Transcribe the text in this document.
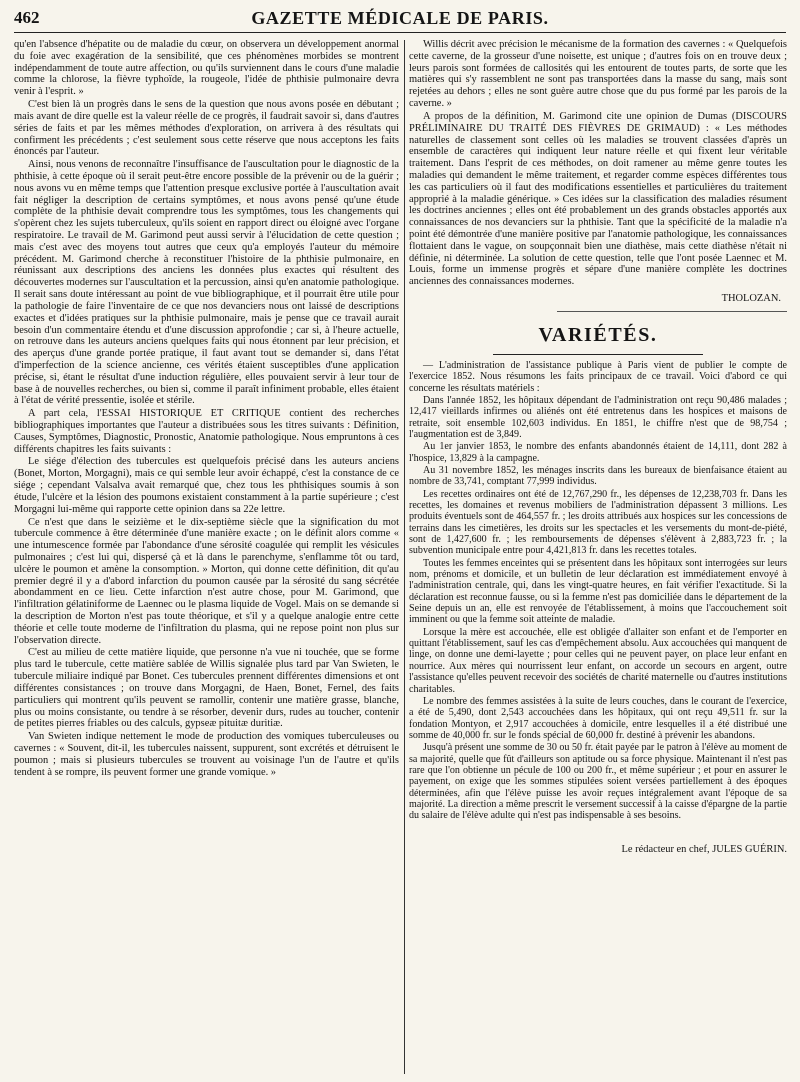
462	GAZETTE MÉDICALE DE PARIS.

qu'en l'absence d'hépatite ou de maladie du cœur, on observera un développement anormal du foie avec exagération de la sensibilité, que ces phénomènes morbides se montrent indépendamment de toute autre affection, ou qu'ils surviennent dans le cours d'une maladie comme la chlorose, la fièvre typhoïde, la rougeole, l'idée de phthisie pulmonaire devra venir à l'esprit. »

C'est bien là un progrès dans le sens de la question que nous avons posée en débutant ; mais avant de dire quelle est la valeur réelle de ce progrès, il faudrait savoir si, dans d'autres séries de faits et par les mêmes méthodes d'exploration, on arrivera à des résultats qui confirment les précédents ; c'est seulement sous cette réserve que nous acceptons les faits énoncés par l'auteur.

Ainsi, nous venons de reconnaître l'insuffisance de l'auscultation pour le diagnostic de la phthisie, à cette époque où il serait peut-être encore possible de la prévenir ou de la guérir ; nous avons vu en même temps que l'attention presque exclusive portée à l'auscultation avait fait négliger la description de certains symptômes, et nous avons pensé qu'une étude complète de la phthisie devait comprendre tous les symptômes, tous les changements qui s'opèrent chez les sujets tuberculeux, qu'ils soient en rapport direct ou éloigné avec l'organe respiratoire. Le travail de M. Garimond peut aussi servir à l'élucidation de cette question ; mais c'est avec des moyens tout autres que ceux qu'a employés l'auteur du mémoire précédent. M. Garimond cherche à reconstituer l'histoire de la phthisie pulmonaire, en réunissant aux descriptions des anciens les données plus exactes qui résultent des découvertes modernes sur l'auscultation et la percussion, ainsi qu'en anatomie pathologique. Il serait sans doute intéressant au point de vue bibliographique, et il pourrait être utile pour la pathologie de faire l'inventaire de ce que nos devanciers nous ont laissé de descriptions exactes et d'idées pratiques sur la phthisie pulmonaire, mais je pense que ce travail aurait besoin d'un commentaire étendu et d'une discussion approfondie ; car si, à l'heure actuelle, on retrouve dans les auteurs anciens quelques faits qui nous étonnent par leur précision, et des aperçus d'une grande portée pratique, il faut avant tout se demander si, dans l'état d'imperfection de la science ancienne, ces vérités étaient susceptibles d'une application précise, si, étant le résultat d'une induction régulière, elles pouvaient servir à leur tour de base à de nouvelles recherches, ou bien si, comme il paraît infiniment probable, elles étaient à l'état de vérité pressentie, isolée et stérile.

A part cela, l'ESSAI HISTORIQUE ET CRITIQUE contient des recherches bibliographiques importantes que l'auteur a distribuées sous les titres suivants : Définition, Causes, Symptômes, Diagnostic, Pronostic, Anatomie pathologique. Nous empruntons à ces différents chapitres les faits suivants :

Le siége d'élection des tubercules est quelquefois précisé dans les auteurs anciens (Bonet, Morton, Morgagni), mais ce qui semble leur avoir échappé, c'est la constance de ce siége ; cependant Valsalva avait remarqué que, chez tous les phthisiques soumis à son étude, l'ulcère et la lésion des poumons existaient constamment à la partie supérieure ; c'est Morgagni lui-même qui rapporte cette opinion dans sa 22e lettre.

Ce n'est que dans le seizième et le dix-septième siècle que la signification du mot tubercule commence à être déterminée d'une manière exacte ; on le définit alors comme « une intumescence formée par l'abondance d'une sérosité coagulée qui remplit les vésicules pulmonaires ; c'est lui qui, dispersé çà et là dans le parenchyme, s'enflamme tôt ou tard, ulcère le poumon et amène la consomption. » Morton, qui donne cette définition, dit qu'au premier degré il y a d'abord infarction du poumon causée par la sérosité du sang sécrétée abondamment en ce lieu. Cette infarction n'est autre chose, pour M. Garimond, que l'infiltration gélatiniforme de Laennec ou le plasma liquide de Vogel. Mais on se demande si la description de Morton n'est pas toute théorique, et s'il y a quelque analogie entre cette théorie et celle toute moderne de l'infiltration du plasma, qui ne repose point non plus sur l'observation directe.

C'est au milieu de cette matière liquide, que personne n'a vue ni touchée, que se forme plus tard le tubercule, cette matière sablée de Willis signalée plus tard par Van Swieten, le tubercule miliaire indiqué par Bonet. Ces tubercules prennent différentes dimensions et ont différentes consistances ; on trouve dans Morgagni, de Haen, Bonet, Fernel, des faits particuliers qui montrent qu'ils peuvent se ramollir, contenir une matière grasse, blanche, plus ou moins consistante, ou tendre à se résorber, devenir durs, rudes au toucher, contenir de petites pierres friables ou des calculs, gypseæ pituitæ duritiæ.

Van Swieten indique nettement le mode de production des vomiques tuberculeuses ou cavernes : « Souvent, dit-il, les tubercules naissent, suppurent, sont excrétés et détruisent le poumon ; mais si plusieurs tubercules se trouvent au voisinage l'un de l'autre et qu'ils tendent à se rompre, ils peuvent former une grande vomique. »

Willis décrit avec précision le mécanisme de la formation des cavernes : « Quelquefois cette caverne, de la grosseur d'une noisette, est unique ; d'autres fois on en trouve deux ; leurs parois sont formées de callosités qui les entourent de toutes parts, de sorte que les matières qui s'y rassemblent ne sont pas transportées dans la masse du sang, mais sont rejetées au dehors ; elles ne sont guère autre chose que du pus formé par les parois de la caverne. »

A propos de la définition, M. Garimond cite une opinion de Dumas (DISCOURS PRÉLIMINAIRE DU TRAITÉ DES FIÈVRES DE GRIMAUD) : « Les méthodes naturelles de classement sont celles où les maladies se trouvent classées d'après un ensemble de caractères qui indiquent leur nature réelle et qui fixent leur véritable traitement. Dans l'esprit de ces méthodes, on doit ramener au même genre toutes les maladies qui demandent le même traitement, et regarder comme espèces différentes tous les cas particuliers où il faut des modifications essentielles et particulières du traitement approprié à la maladie générique. » Ces idées sur la classification des maladies résument les doctrines anciennes ; elles ont été probablement un des grands obstacles apportés aux connaissances de nos devanciers sur la phthisie. Tant que la spécificité de la maladie n'a point été démontrée d'une manière positive par l'anatomie pathologique, les connaissances flottaient dans le vague, on soupçonnait bien une diathèse, mais cette diathèse n'était ni définie, ni déterminée. La solution de cette question, telle que l'ont posée Laennec et M. Louis, forme un immense progrès et sépare d'une manière complète les doctrines anciennes des connaissances modernes.

THOLOZAN.
VARIÉTÉS.

— L'administration de l'assistance publique à Paris vient de publier le compte de l'exercice 1852. Nous résumons les faits principaux de ce travail. Voici d'abord ce qui concerne les résultats matériels :

Dans l'année 1852, les hôpitaux dépendant de l'administration ont reçu 90,486 malades ; 12,417 vieillards infirmes ou aliénés ont été entretenus dans les hospices et maisons de retraite, soit ensemble 102,603 individus. En 1851, le chiffre n'est que de 98,754 ; l'augmentation est de 3,849.

Au 1er janvier 1853, le nombre des enfants abandonnés étaient de 14,111, dont 282 à l'hospice, 13,829 à la campagne.

Au 31 novembre 1852, les ménages inscrits dans les bureaux de bienfaisance étaient au nombre de 33,741, comptant 77,999 individus.

Les recettes ordinaires ont été de 12,767,290 fr., les dépenses de 12,238,703 fr. Dans les recettes, les domaines et revenus mobiliers de l'administration dépassent 3 millions. Les produits éventuels sont de 464,557 fr. ; les droits attribués aux hospices sur les concessions de terrains dans les cimetières, les droits sur les spectacles et les versements du mont-de-piété, sont de 1,427,600 fr. ; les remboursements de dépenses s'élèvent à 2,883,723 fr. ; la subvention municipale entre pour 4,421,813 fr. dans les recettes totales.

Toutes les femmes enceintes qui se présentent dans les hôpitaux sont interrogées sur leurs nom, prénoms et domicile, et un bulletin de leur déclaration est immédiatement envoyé à l'administration centrale, qui, dans les vingt-quatre heures, en fait vérifier l'exactitude. Si la déclaration est reconnue fausse, ou si la femme n'est pas domiciliée dans le département de la Seine depuis un an, elle est renvoyée de l'établissement, à moins que l'accouchement soit imminent ou que la femme soit atteinte de maladie.

Lorsque la mère est accouchée, elle est obligée d'allaiter son enfant et de l'emporter en quittant l'établissement, sauf les cas d'empêchement absolu. Aux accouchées qui manquent de linge, on donne une demi-layette ; pour celles qui ne peuvent payer, on place leur enfant en nourrice. Aux mères qui nourrissent leur enfant, on accorde un secours en argent, outre l'assistance qu'elles peuvent recevoir des sociétés de charité maternelle ou d'autres institutions charitables.

Le nombre des femmes assistées à la suite de leurs couches, dans le courant de l'exercice, a été de 5,490, dont 2,543 accouchées dans les hôpitaux, qui ont reçu 49,511 fr. sur la fondation Montyon, et 2,917 accouchées à domicile, entre lesquelles il a été distribué une somme de 40,000 fr. sur le fonds spécial de 60,000 fr. destiné à prévenir les abandons.

Jusqu'à présent une somme de 30 ou 50 fr. était payée par le patron à l'élève au moment de sa majorité, quelle que fût d'ailleurs son aptitude ou sa force physique. Maintenant il n'est pas rare que l'on obtienne un pécule de 100 ou 200 fr., et même supérieur ; et pour en assurer le payement, on exige que les sommes stipulées soient versées partiellement à des époques déterminées, afin que l'élève puisse les avoir reçues intégralement avant l'époque de sa majorité. La direction a même prescrit le versement successif à la caisse d'épargne de la partie du salaire de l'élève adulte qui n'est pas indispensable à ses besoins.

Le rédacteur en chef, JULES GUÉRIN.
